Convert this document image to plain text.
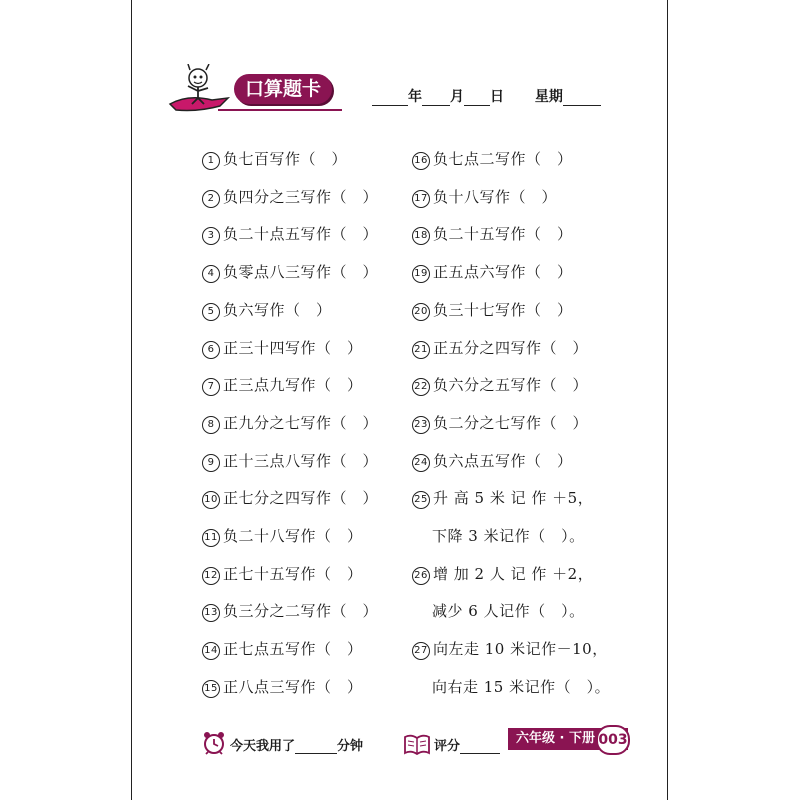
口算题卡	年 月 日 星期
1 负七百写作（　）
2 负四分之三写作（　）
3 负二十点五写作（　）
4 负零点八三写作（　）
5 负六写作（　）
6 正三十四写作（　）
7 正三点九写作（　）
8 正九分之七写作（　）
9 正十三点八写作（　）
10 正七分之四写作（　）
11 负二十八写作（　）
12 正七十五写作（　）
13 负三分之二写作（　）
14 正七点五写作（　）
15 正八点三写作（　）
16 负七点二写作（　）
17 负十八写作（　）
18 负二十五写作（　）
19 正五点六写作（　）
20 负三十七写作（　）
21 正五分之四写作（　）
22 负六分之五写作（　）
23 负二分之七写作（　）
24 负六点五写作（　）
25 升 高 5 米 记 作 ＋5，
下降 3 米记作（　）。
26 增 加 2 人 记 作 ＋2，
减少 6 人记作（　）。
27 向左走 10 米记作－10，
向右走 15 米记作（　）。
今天我用了	分钟	评分
六年级 · 下册 003
